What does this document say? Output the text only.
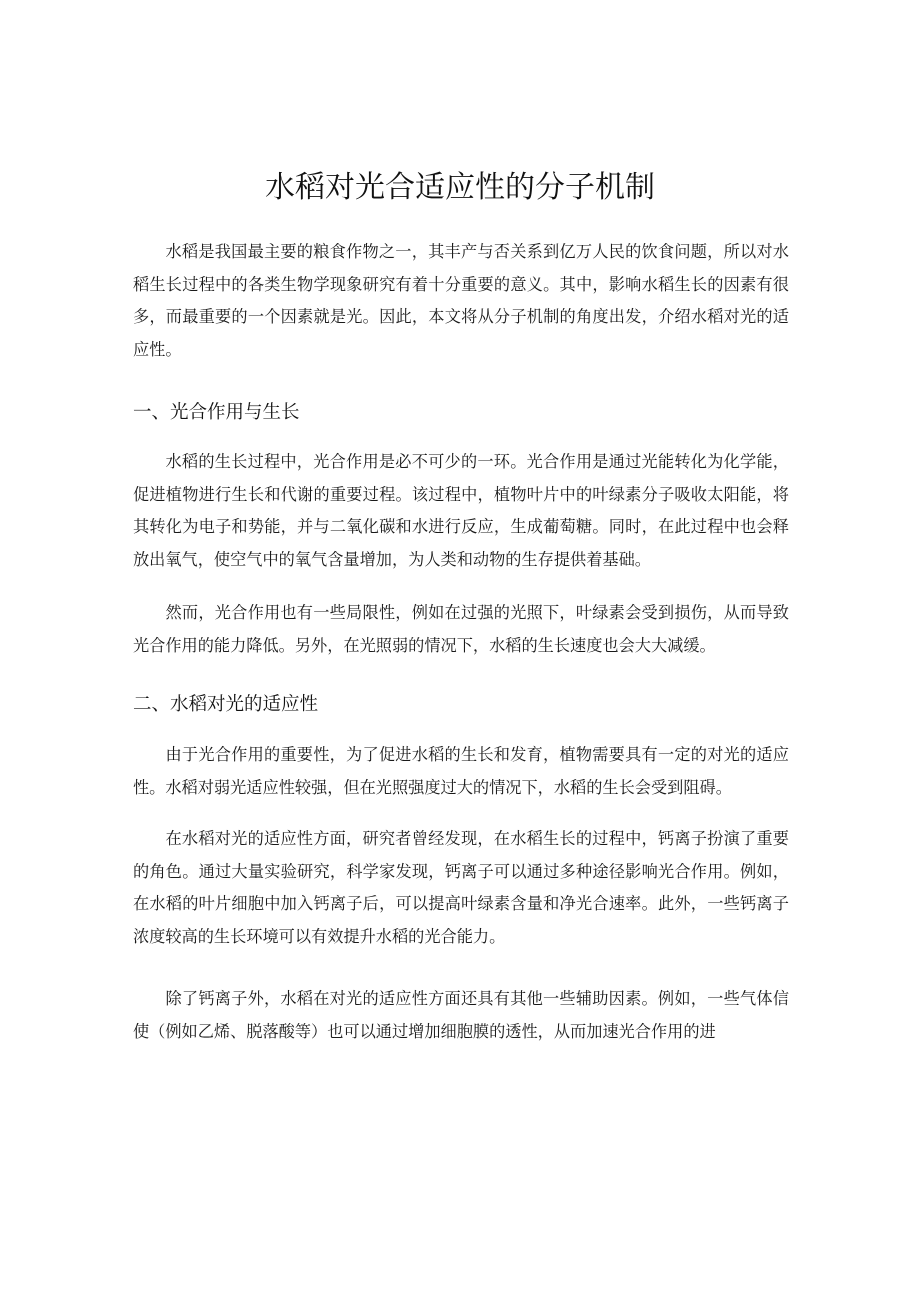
水稻对光合适应性的分子机制

水稻是我国最主要的粮食作物之一，其丰产与否关系到亿万人民的饮食问题，所以对水稻生长过程中的各类生物学现象研究有着十分重要的意义。其中，影响水稻生长的因素有很多，而最重要的一个因素就是光。因此，本文将从分子机制的角度出发，介绍水稻对光的适应性。

一、光合作用与生长

水稻的生长过程中，光合作用是必不可少的一环。光合作用是通过光能转化为化学能，促进植物进行生长和代谢的重要过程。该过程中，植物叶片中的叶绿素分子吸收太阳能，将其转化为电子和势能，并与二氧化碳和水进行反应，生成葡萄糖。同时，在此过程中也会释放出氧气，使空气中的氧气含量增加，为人类和动物的生存提供着基础。

然而，光合作用也有一些局限性，例如在过强的光照下，叶绿素会受到损伤，从而导致光合作用的能力降低。另外，在光照弱的情况下，水稻的生长速度也会大大减缓。

二、水稻对光的适应性

由于光合作用的重要性，为了促进水稻的生长和发育，植物需要具有一定的对光的适应性。水稻对弱光适应性较强，但在光照强度过大的情况下，水稻的生长会受到阻碍。

在水稻对光的适应性方面，研究者曾经发现，在水稻生长的过程中，钙离子扮演了重要的角色。通过大量实验研究，科学家发现，钙离子可以通过多种途径影响光合作用。例如，在水稻的叶片细胞中加入钙离子后，可以提高叶绿素含量和净光合速率。此外，一些钙离子浓度较高的生长环境可以有效提升水稻的光合能力。

除了钙离子外，水稻在对光的适应性方面还具有其他一些辅助因素。例如，一些气体信使（例如乙烯、脱落酸等）也可以通过增加细胞膜的透性，从而加速光合作用的进
